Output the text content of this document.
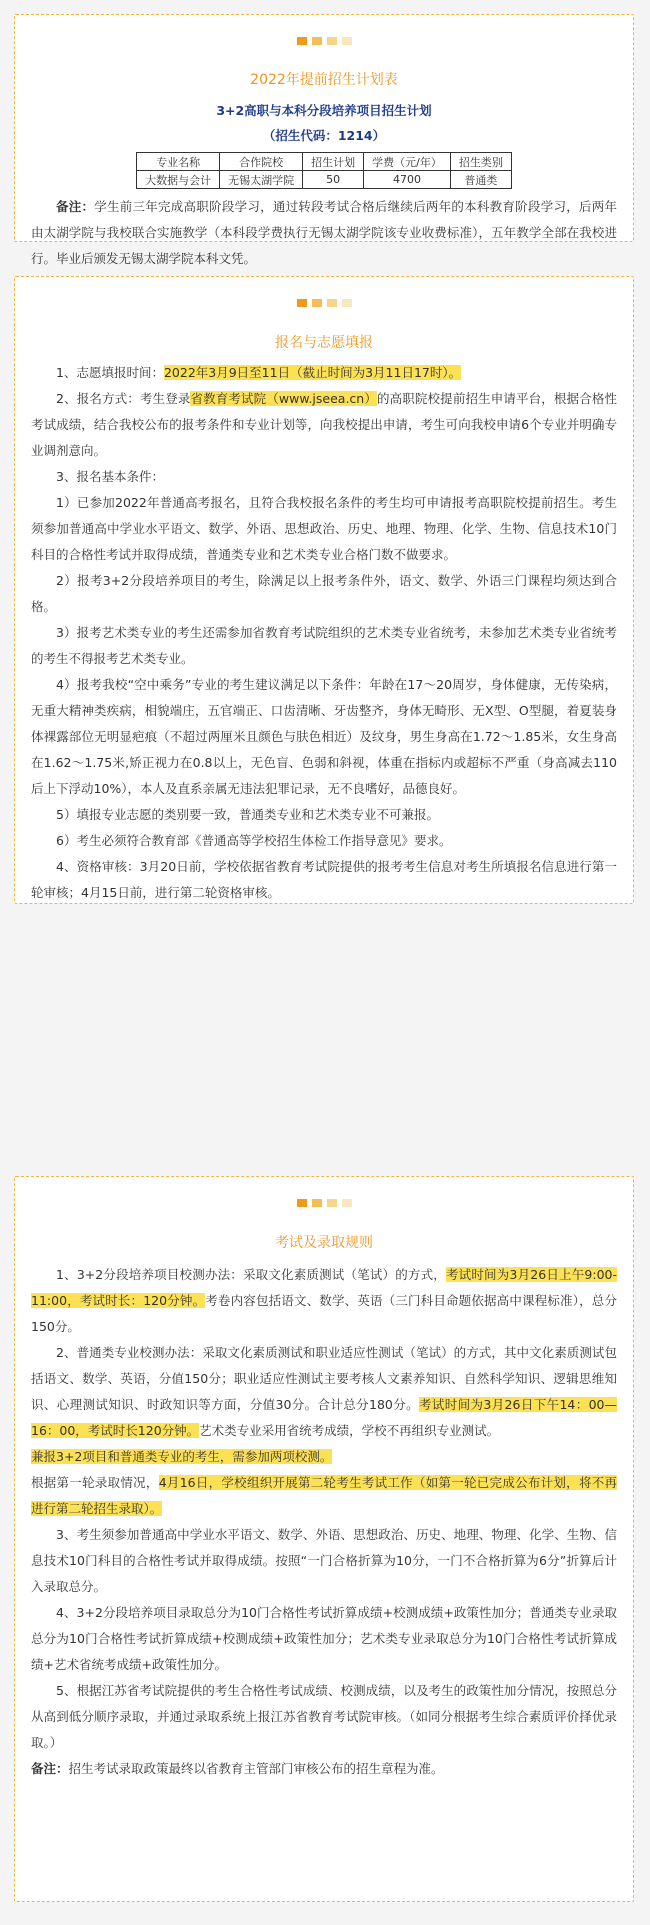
2022年提前招生计划表
3+2高职与本科分段培养项目招生计划
（招生代码：1214）
专业名称	合作院校	招生计划	学费（元/年）	招生类别
大数据与会计	无锡太湖学院	50	4700	普通类

备注：学生前三年完成高职阶段学习，通过转段考试合格后继续后两年的本科教育阶段学习，后两年由太湖学院与我校联合实施教学（本科段学费执行无锡太湖学院该专业收费标准），五年教学全部在我校进行。毕业后颁发无锡太湖学院本科文凭。

报名与志愿填报

1、志愿填报时间：2022年3月9日至11日（截止时间为3月11日17时）。

2、报名方式：考生登录省教育考试院（www.jseea.cn）的高职院校提前招生申请平台，根据合格性考试成绩，结合我校公布的报考条件和专业计划等，向我校提出申请，考生可向我校申请6个专业并明确专业调剂意向。

3、报名基本条件：

1）已参加2022年普通高考报名，且符合我校报名条件的考生均可申请报考高职院校提前招生。考生须参加普通高中学业水平语文、数学、外语、思想政治、历史、地理、物理、化学、生物、信息技术10门科目的合格性考试并取得成绩，普通类专业和艺术类专业合格门数不做要求。

2）报考3+2分段培养项目的考生，除满足以上报考条件外，语文、数学、外语三门课程均须达到合格。

3）报考艺术类专业的考生还需参加省教育考试院组织的艺术类专业省统考，未参加艺术类专业省统考的考生不得报考艺术类专业。

4）报考我校“空中乘务”专业的考生建议满足以下条件：年龄在17～20周岁，身体健康，无传染病，无重大精神类疾病，相貌端庄，五官端正、口齿清晰、牙齿整齐，身体无畸形、无X型、O型腿，着夏装身体裸露部位无明显疤痕（不超过两厘米且颜色与肤色相近）及纹身，男生身高在1.72～1.85米，女生身高在1.62～1.75米,矫正视力在0.8以上，无色盲、色弱和斜视，体重在指标内或超标不严重（身高减去110后上下浮动10%），本人及直系亲属无违法犯罪记录，无不良嗜好，品德良好。

5）填报专业志愿的类别要一致，普通类专业和艺术类专业不可兼报。

6）考生必须符合教育部《普通高等学校招生体检工作指导意见》要求。

4、资格审核：3月20日前，学校依据省教育考试院提供的报考考生信息对考生所填报名信息进行第一轮审核；4月15日前，进行第二轮资格审核。

考试及录取规则

1、3+2分段培养项目校测办法：采取文化素质测试（笔试）的方式，考试时间为3月26日上午9:00-11:00，考试时长：120分钟。考卷内容包括语文、数学、英语（三门科目命题依据高中课程标准），总分150分。

2、普通类专业校测办法：采取文化素质测试和职业适应性测试（笔试）的方式，其中文化素质测试包括语文、数学、英语，分值150分；职业适应性测试主要考核人文素养知识、自然科学知识、逻辑思维知识、心理测试知识、时政知识等方面，分值30分。合计总分180分。考试时间为3月26日下午14：00—16：00，考试时长120分钟。艺术类专业采用省统考成绩，学校不再组织专业测试。

兼报3+2项目和普通类专业的考生，需参加两项校测。

根据第一轮录取情况，4月16日，学校组织开展第二轮考生考试工作（如第一轮已完成公布计划，将不再进行第二轮招生录取）。

3、考生须参加普通高中学业水平语文、数学、外语、思想政治、历史、地理、物理、化学、生物、信息技术10门科目的合格性考试并取得成绩。按照“一门合格折算为10分，一门不合格折算为6分”折算后计入录取总分。

4、3+2分段培养项目录取总分为10门合格性考试折算成绩+校测成绩+政策性加分；普通类专业录取总分为10门合格性考试折算成绩+校测成绩+政策性加分；艺术类专业录取总分为10门合格性考试折算成绩+艺术省统考成绩+政策性加分。

5、根据江苏省考试院提供的考生合格性考试成绩、校测成绩，以及考生的政策性加分情况，按照总分从高到低分顺序录取，并通过录取系统上报江苏省教育考试院审核。（如同分根据考生综合素质评价择优录取。）

备注：招生考试录取政策最终以省教育主管部门审核公布的招生章程为准。
